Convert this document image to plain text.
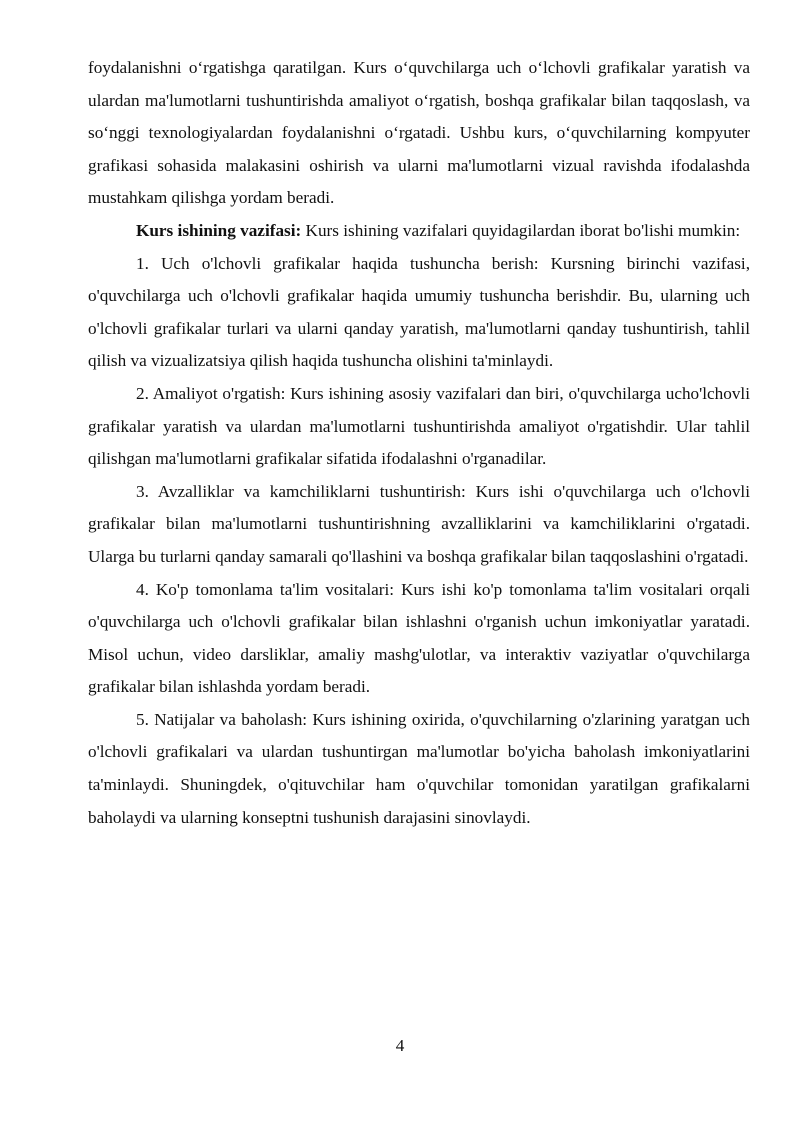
foydalanishni o‘rgatishga qaratilgan. Kurs o‘quvchilarga uch o‘lchovli grafikalar yaratish va ulardan ma'lumotlarni tushuntirishda amaliyot o‘rgatish, boshqa grafikalar bilan taqqoslash, va so‘nggi texnologiyalardan foydalanishni o‘rgatadi. Ushbu kurs, o‘quvchilarning kompyuter grafikasi sohasida malakasini oshirish va ularni ma'lumotlarni vizual ravishda ifodalashda mustahkam qilishga yordam beradi.

Kurs ishining vazifasi: Kurs ishining vazifalari quyidagilardan iborat bo'lishi mumkin:

1. Uch o'lchovli grafikalar haqida tushuncha berish: Kursning birinchi vazifasi, o'quvchilarga uch o'lchovli grafikalar haqida umumiy tushuncha berishdir. Bu, ularning uch o'lchovli grafikalar turlari va ularni qanday yaratish, ma'lumotlarni qanday tushuntirish, tahlil qilish va vizualizatsiya qilish haqida tushuncha olishini ta'minlaydi.

2. Amaliyot o'rgatish: Kurs ishining asosiy vazifalari dan biri, o'quvchilarga ucho'lchovli grafikalar yaratish va ulardan ma'lumotlarni tushuntirishda amaliyot o'rgatishdir. Ular tahlil qilishgan ma'lumotlarni grafikalar sifatida ifodalashni o'rganadilar.

3. Avzalliklar va kamchiliklarni tushuntirish: Kurs ishi o'quvchilarga uch o'lchovli grafikalar bilan ma'lumotlarni tushuntirishning avzalliklarini va kamchiliklarini o'rgatadi. Ularga bu turlarni qanday samarali qo'llashini va boshqa grafikalar bilan taqqoslashini o'rgatadi.

4. Ko'p tomonlama ta'lim vositalari: Kurs ishi ko'p tomonlama ta'lim vositalari orqali o'quvchilarga uch o'lchovli grafikalar bilan ishlashni o'rganish uchun imkoniyatlar yaratadi. Misol uchun, video darsliklar, amaliy mashg'ulotlar, va interaktiv vaziyatlar o'quvchilarga grafikalar bilan ishlashda yordam beradi.

5. Natijalar va baholash: Kurs ishining oxirida, o'quvchilarning o'zlarining yaratgan uch o'lchovli grafikalari va ulardan tushuntirgan ma'lumotlar bo'yicha baholash imkoniyatlarini ta'minlaydi. Shuningdek, o'qituvchilar ham o'quvchilar tomonidan yaratilgan grafikalarni baholaydi va ularning konseptni tushunish darajasini sinovlaydi.

4
